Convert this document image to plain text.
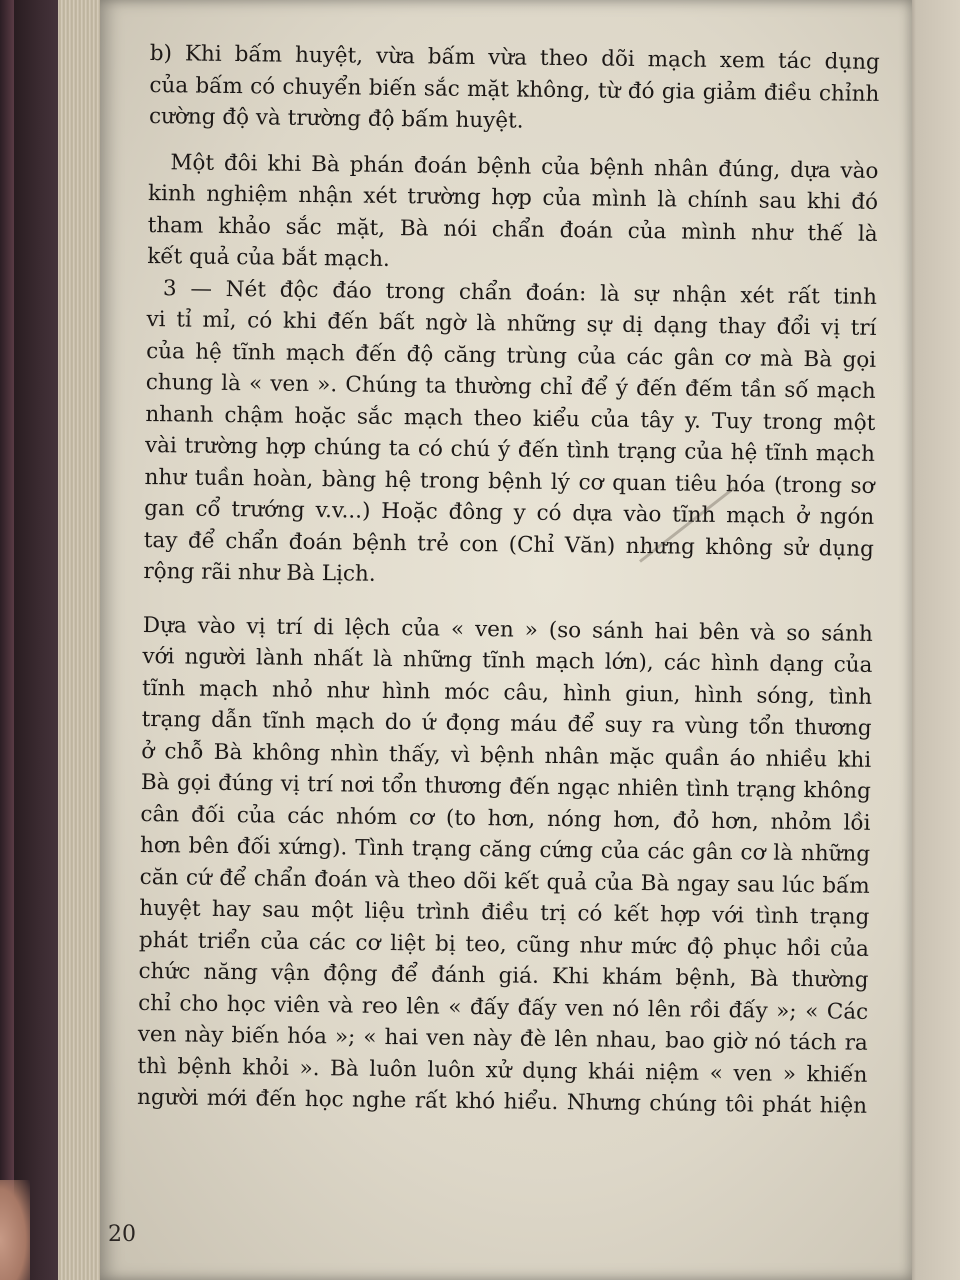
b) Khi bấm huyệt, vừa bấm vừa theo dõi mạch xem tác dụng
của bấm có chuyển biến sắc mặt không, từ đó gia giảm điều chỉnh
cường độ và trường độ bấm huyệt.
Một đôi khi Bà phán đoán bệnh của bệnh nhân đúng, dựa vào
kinh nghiệm nhận xét trường hợp của mình là chính sau khi đó
tham khảo sắc mặt, Bà nói chẩn đoán của mình như thế là
kết quả của bắt mạch.
3 — Nét độc đáo trong chẩn đoán: là sự nhận xét rất tinh
vi tỉ mỉ, có khi đến bất ngờ là những sự dị dạng thay đổi vị trí
của hệ tĩnh mạch đến độ căng trùng của các gân cơ mà Bà gọi
chung là « ven ». Chúng ta thường chỉ để ý đến đếm tần số mạch
nhanh chậm hoặc sắc mạch theo kiểu của tây y. Tuy trong một
vài trường hợp chúng ta có chú ý đến tình trạng của hệ tĩnh mạch
như tuần hoàn, bàng hệ trong bệnh lý cơ quan tiêu hóa (trong sơ
gan cổ trướng v.v...) Hoặc đông y có dựa vào tĩnh mạch ở ngón
tay để chẩn đoán bệnh trẻ con (Chỉ Văn) nhưng không sử dụng
rộng rãi như Bà Lịch.
Dựa vào vị trí di lệch của « ven » (so sánh hai bên và so sánh
với người lành nhất là những tĩnh mạch lớn), các hình dạng của
tĩnh mạch nhỏ như hình móc câu, hình giun, hình sóng, tình
trạng dẫn tĩnh mạch do ứ đọng máu để suy ra vùng tổn thương
ở chỗ Bà không nhìn thấy, vì bệnh nhân mặc quần áo nhiều khi
Bà gọi đúng vị trí nơi tổn thương đến ngạc nhiên tình trạng không
cân đối của các nhóm cơ (to hơn, nóng hơn, đỏ hơn, nhỏm lồi
hơn bên đối xứng). Tình trạng căng cứng của các gân cơ là những
căn cứ để chẩn đoán và theo dõi kết quả của Bà ngay sau lúc bấm
huyệt hay sau một liệu trình điều trị có kết hợp với tình trạng
phát triển của các cơ liệt bị teo, cũng như mức độ phục hồi của
chức năng vận động để đánh giá. Khi khám bệnh, Bà thường
chỉ cho học viên và reo lên « đấy đấy ven nó lên rồi đấy »; « Các
ven này biến hóa »; « hai ven này đè lên nhau, bao giờ nó tách ra
thì bệnh khỏi ». Bà luôn luôn xử dụng khái niệm « ven » khiến
người mới đến học nghe rất khó hiểu. Nhưng chúng tôi phát hiện
20
